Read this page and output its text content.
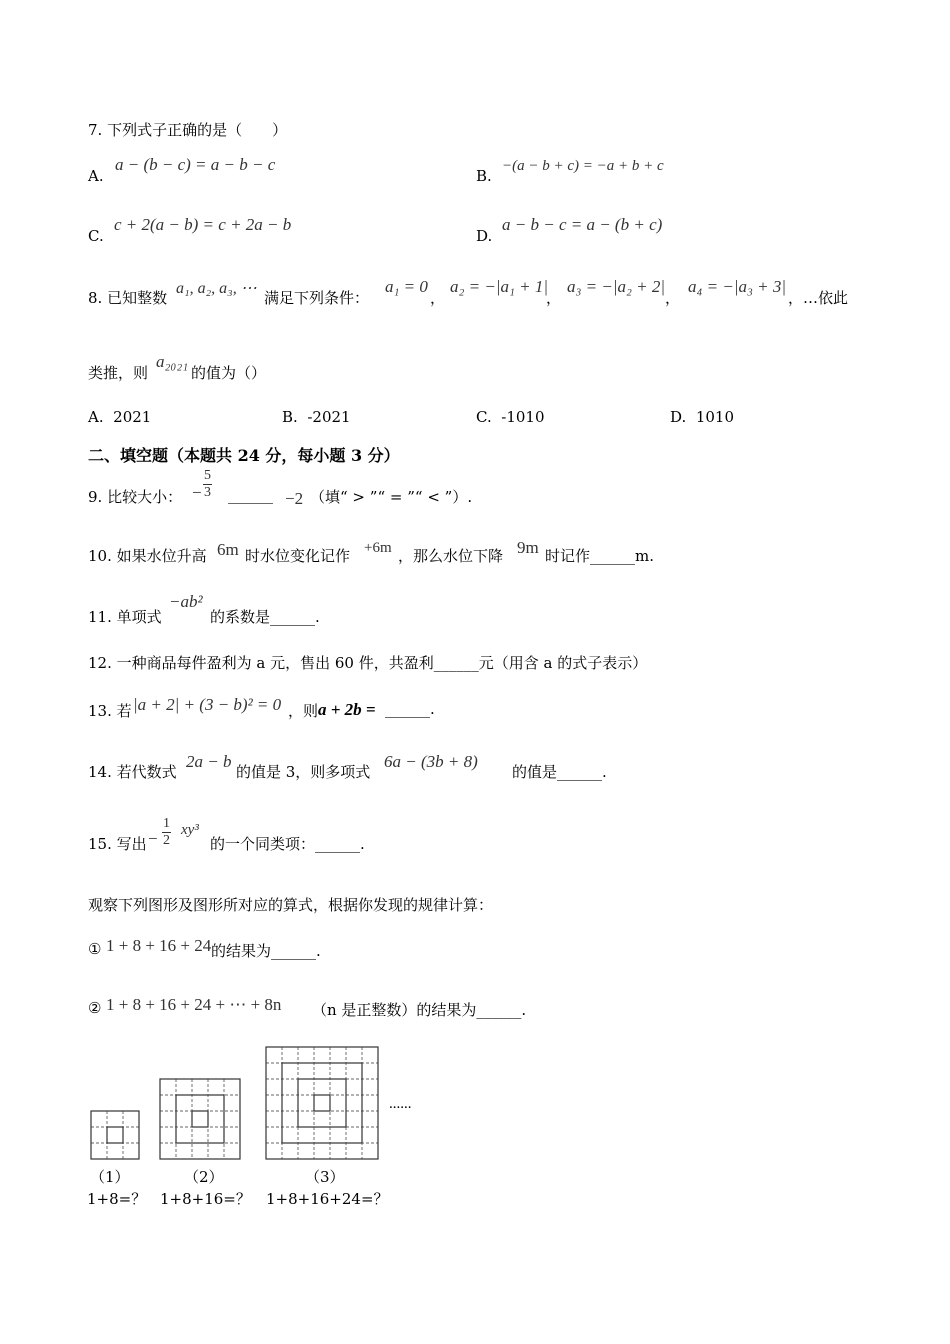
7. 下列式子正确的是（　　）
A.
a − (b − c) = a − b − c
B.
−(a − b + c) = −a + b + c
C.
c + 2(a − b) = c + 2a − b
D.
a − b − c = a − (b + c)
8. 已知整数
a₁, a₂, a₃, ⋯
满足下列条件：
a₁ = 0
，
a₂ = −|a₁ + 1|
，
a₃ = −|a₂ + 2|
，
a₄ = −|a₃ + 3|
，…依此
类推，则
a₂₀₂₁
的值为（）
A. 2021	B. -2021	C. -1010	D. 1010
二、填空题（本题共 24 分，每小题 3 分）
9. 比较大小： − $\frac{5}{3}$ ______ −2 （填“ > ”“ = ”“ < ”）.
10. 如果水位升高 6m 时水位变化记作 +6m ，那么水位下降 9m 时记作______m.
11. 单项式
−ab²
的系数是______.
12. 一种商品每件盈利为 a 元，售出 60 件，共盈利______元（用含 a 的式子表示）
13. 若 |a + 2| + (3 − b)² = 0 ，则 a + 2b = ______.
14. 若代数式
2a − b
的值是 3，则多项式
6a − (3b + 8)
的值是______.
15. 写出 − $\frac{1}{2} xy^3$
的一个同类项：______.
观察下列图形及图形所对应的算式，根据你发现的规律计算：
① 1 + 8 + 16 + 24 的结果为______.
② 1 + 8 + 16 + 24 + ⋯ + 8n （n 是正整数）的结果为______.
......
（1）	（2）	（3）
1+8=？ 1+8+16=？ 1+8+16+24=？
